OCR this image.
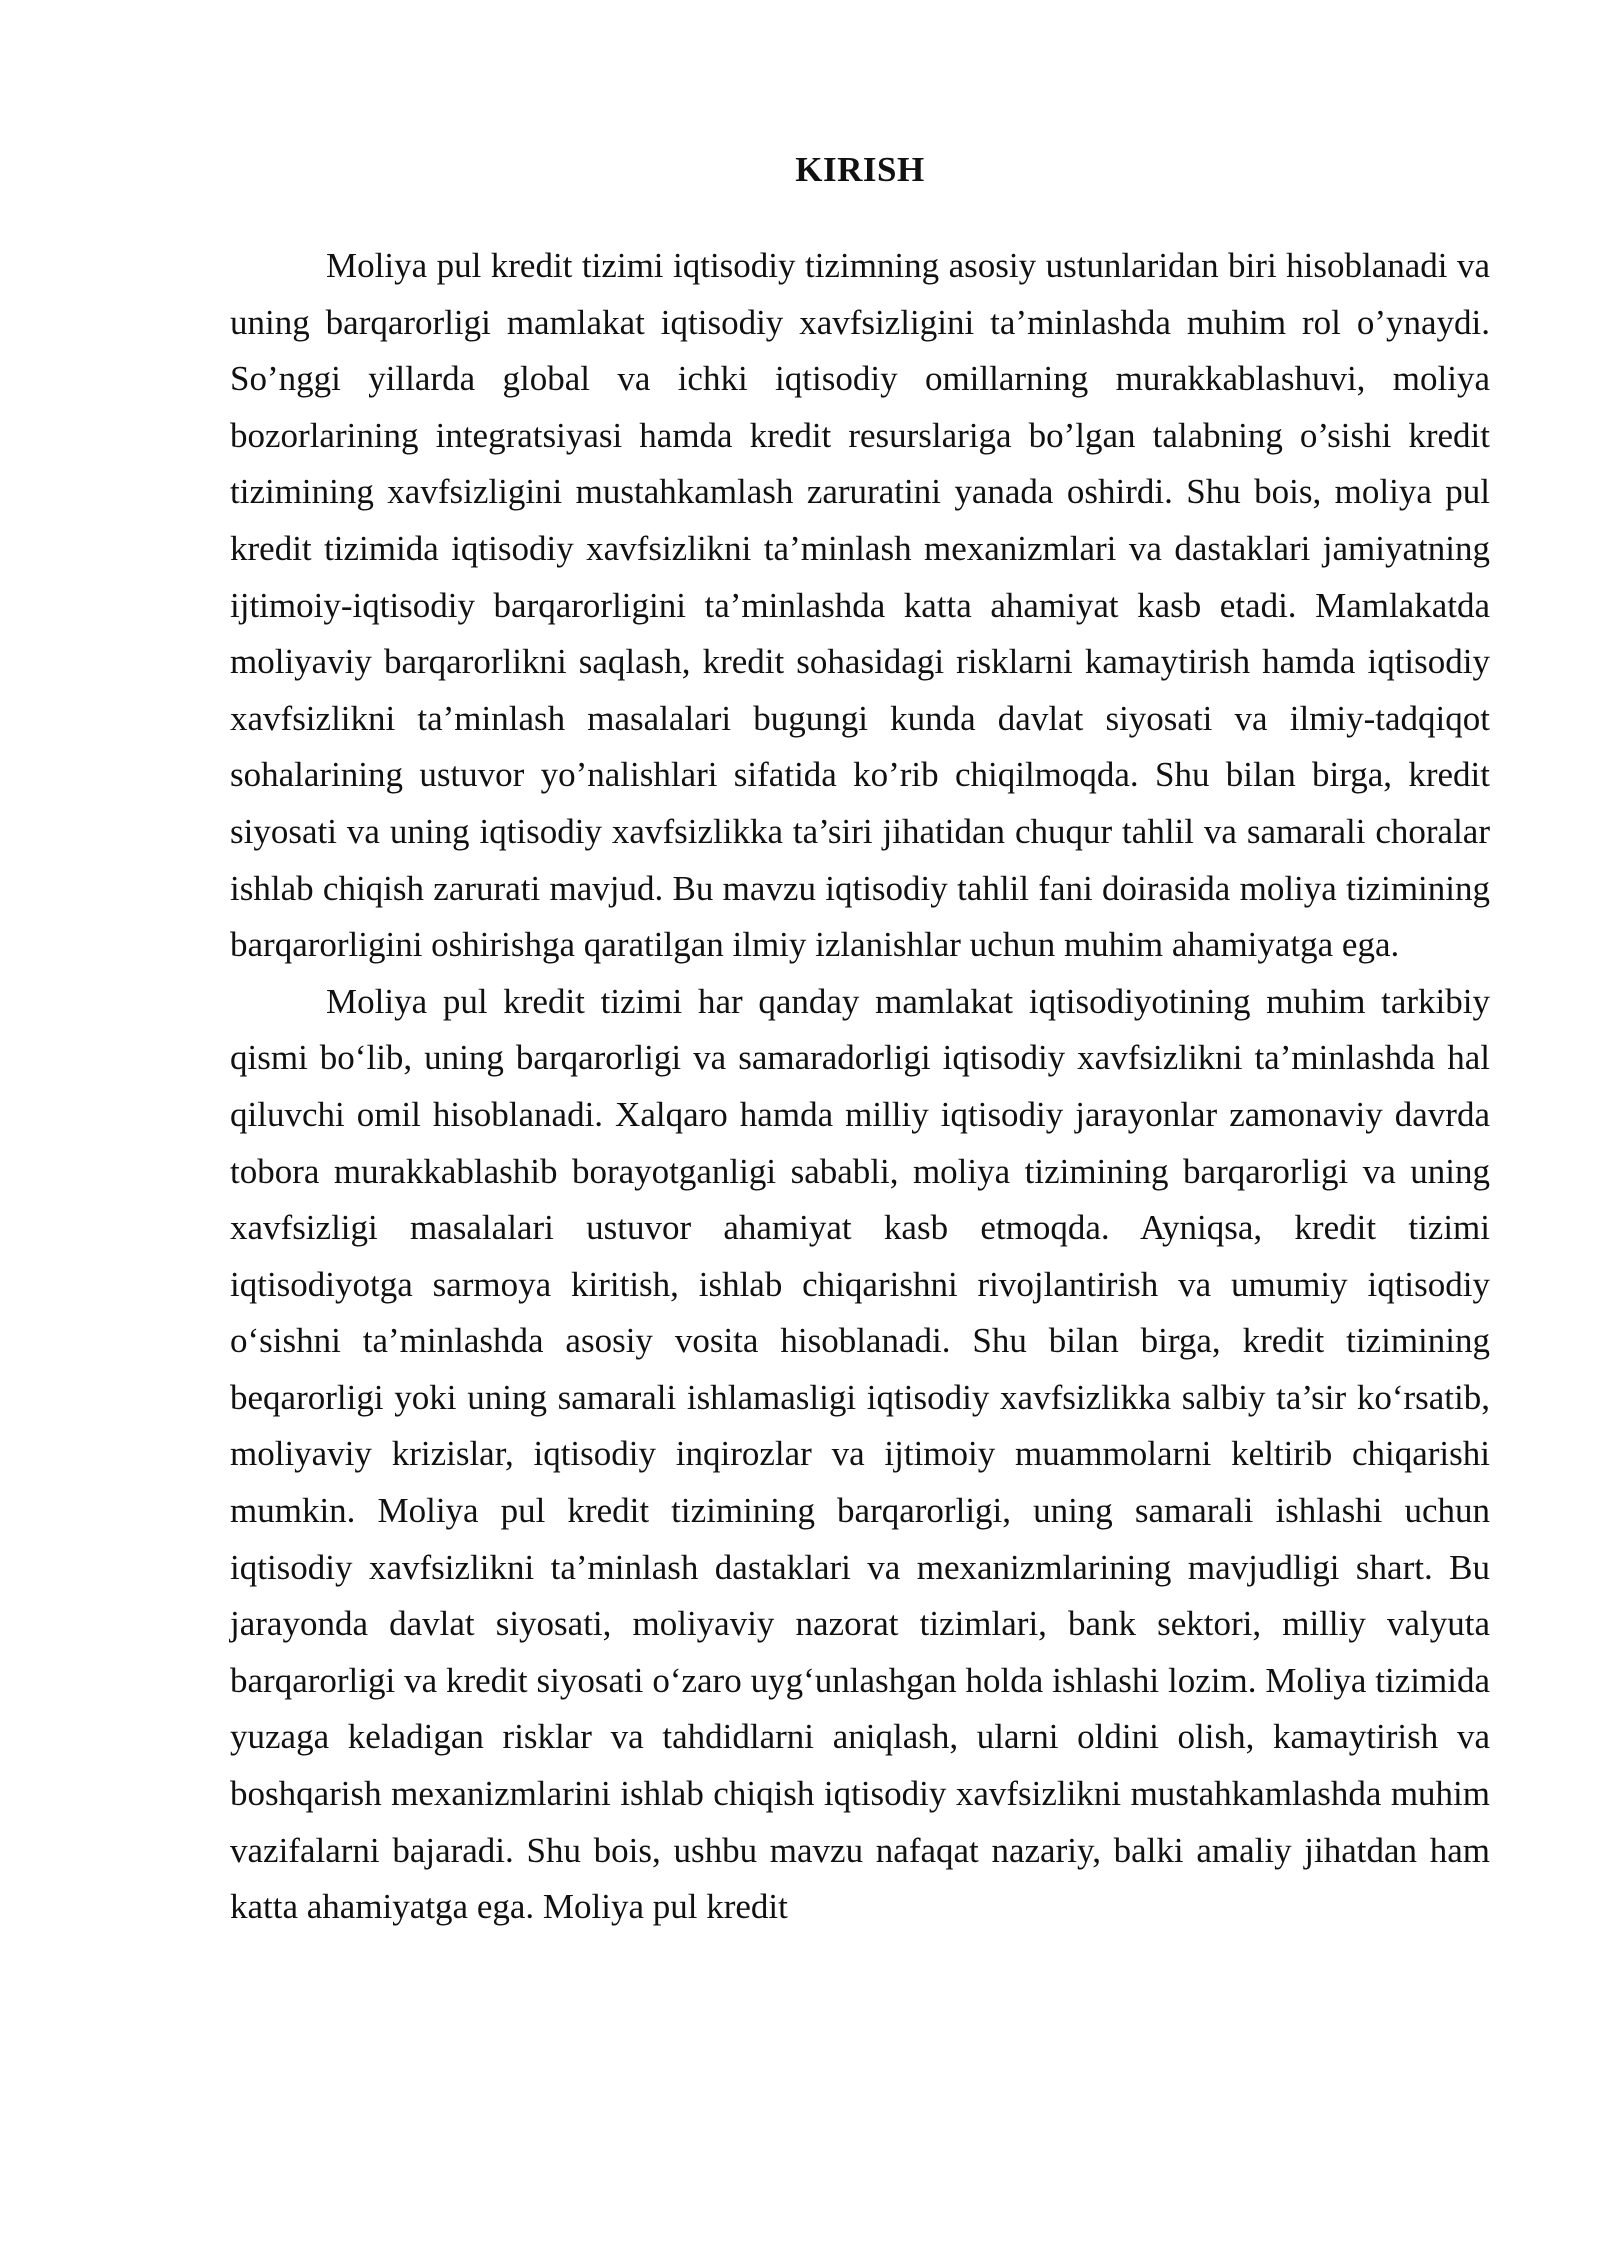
KIRISH

Moliya pul kredit tizimi iqtisodiy tizimning asosiy ustunlaridan biri hisoblanadi va uning barqarorligi mamlakat iqtisodiy xavfsizligini ta’minlashda muhim rol o’ynaydi. So’nggi yillarda global va ichki iqtisodiy omillarning murakkablashuvi, moliya bozorlarining integratsiyasi hamda kredit resurslariga bo’lgan talabning o’sishi kredit tizimining xavfsizligini mustahkamlash zaruratini yanada oshirdi. Shu bois, moliya pul kredit tizimida iqtisodiy xavfsizlikni ta’minlash mexanizmlari va dastaklari jamiyatning ijtimoiy-iqtisodiy barqarorligini ta’minlashda katta ahamiyat kasb etadi. Mamlakatda moliyaviy barqarorlikni saqlash, kredit sohasidagi risklarni kamaytirish hamda iqtisodiy xavfsizlikni ta’minlash masalalari bugungi kunda davlat siyosati va ilmiy-tadqiqot sohalarining ustuvor yo’nalishlari sifatida ko’rib chiqilmoqda. Shu bilan birga, kredit siyosati va uning iqtisodiy xavfsizlikka ta’siri jihatidan chuqur tahlil va samarali choralar ishlab chiqish zarurati mavjud. Bu mavzu iqtisodiy tahlil fani doirasida moliya tizimining barqarorligini oshirishga qaratilgan ilmiy izlanishlar uchun muhim ahamiyatga ega.

Moliya pul kredit tizimi har qanday mamlakat iqtisodiyotining muhim tarkibiy qismi bo‘lib, uning barqarorligi va samaradorligi iqtisodiy xavfsizlikni ta’minlashda hal qiluvchi omil hisoblanadi. Xalqaro hamda milliy iqtisodiy jarayonlar zamonaviy davrda tobora murakkablashib borayotganligi sababli, moliya tizimining barqarorligi va uning xavfsizligi masalalari ustuvor ahamiyat kasb etmoqda. Ayniqsa, kredit tizimi iqtisodiyotga sarmoya kiritish, ishlab chiqarishni rivojlantirish va umumiy iqtisodiy o‘sishni ta’minlashda asosiy vosita hisoblanadi. Shu bilan birga, kredit tizimining beqarorligi yoki uning samarali ishlamasligi iqtisodiy xavfsizlikka salbiy ta’sir ko‘rsatib, moliyaviy krizislar, iqtisodiy inqirozlar va ijtimoiy muammolarni keltirib chiqarishi mumkin. Moliya pul kredit tizimining barqarorligi, uning samarali ishlashi uchun iqtisodiy xavfsizlikni ta’minlash dastaklari va mexanizmlarining mavjudligi shart. Bu jarayonda davlat siyosati, moliyaviy nazorat tizimlari, bank sektori, milliy valyuta barqarorligi va kredit siyosati o‘zaro uyg‘unlashgan holda ishlashi lozim. Moliya tizimida yuzaga keladigan risklar va tahdidlarni aniqlash, ularni oldini olish, kamaytirish va boshqarish mexanizmlarini ishlab chiqish iqtisodiy xavfsizlikni mustahkamlashda muhim vazifalarni bajaradi. Shu bois, ushbu mavzu nafaqat nazariy, balki amaliy jihatdan ham katta ahamiyatga ega. Moliya pul kredit
